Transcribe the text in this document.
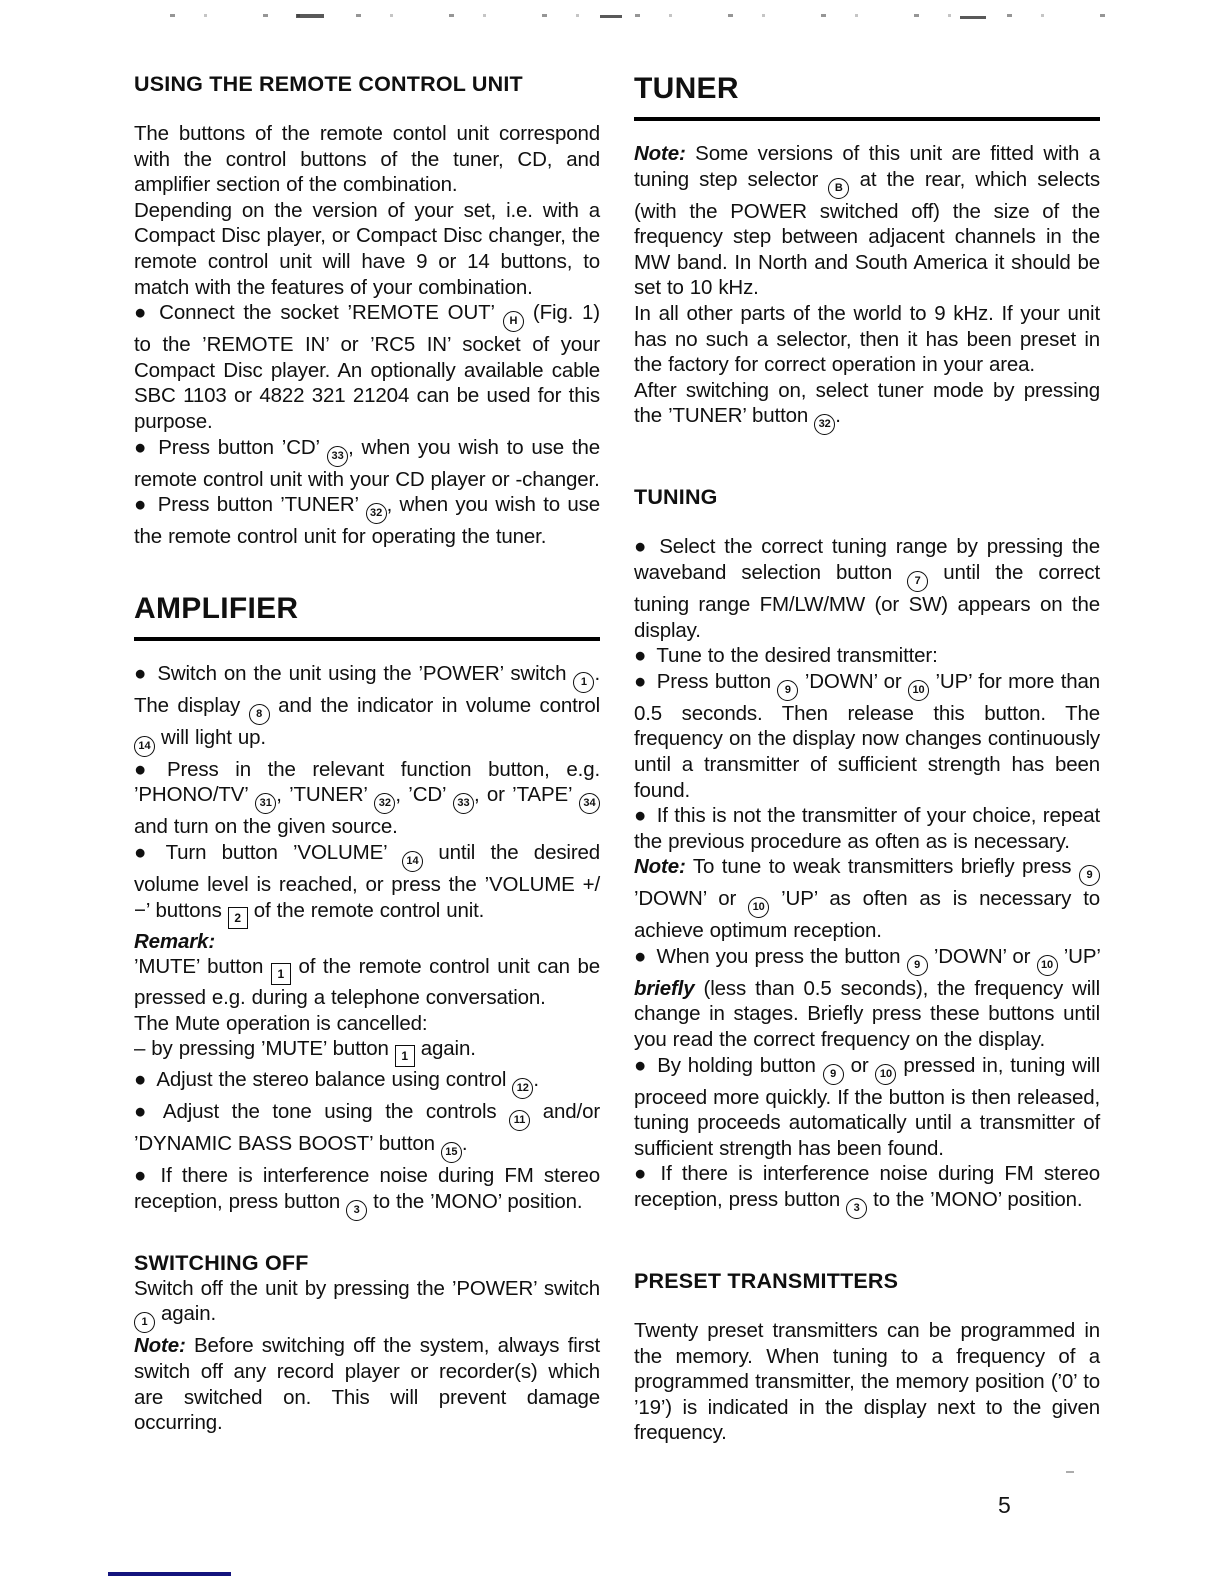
USING THE REMOTE CONTROL UNIT

The buttons of the remote contol unit correspond with the control buttons of the tuner, CD, and amplifier section of the combination.

Depending on the version of your set, i.e. with a Compact Disc player, or Compact Disc changer, the remote control unit will have 9 or 14 buttons, to match with the features of your combination.

● Connect the socket ’REMOTE OUT’ H (Fig. 1) to the ’REMOTE IN’ or ’RC5 IN’ socket of your Compact Disc player. An optionally available cable SBC 1103 or 4822 321 21204 can be used for this purpose.

● Press button ’CD’ 33 , when you wish to use the remote control unit with your CD player or -changer.

● Press button ’TUNER’ 32 , when you wish to use the remote control unit for operating the tuner.

AMPLIFIER

● Switch on the unit using the ’POWER’ switch 1 . The display 8 and the indicator in volume control 14 will light up.

● Press in the relevant function button, e.g. ’PHONO/TV’ 31 , ’TUNER’ 32 , ’CD’ 33 , or ’TAPE’ 34 and turn on the given source.

● Turn button ’VOLUME’ 14 until the desired volume level is reached, or press the ’VOLUME +/−’ buttons 2 of the remote control unit.

Remark:

’MUTE’ button 1 of the remote control unit can be pressed e.g. during a telephone conversation.

The Mute operation is cancelled:

– by pressing ’MUTE’ button 1 again.

● Adjust the stereo balance using control 12 .

● Adjust the tone using the controls 11 and/or ’DYNAMIC BASS BOOST’ button 15 .

● If there is interference noise during FM stereo reception, press button 3 to the ’MONO’ position.

SWITCHING OFF

Switch off the unit by pressing the ’POWER’ switch 1 again.

Note: Before switching off the system, always first switch off any record player or recorder(s) which are switched on. This will prevent damage occurring.

TUNER

Note: Some versions of this unit are fitted with a tuning step selector B at the rear, which selects (with the POWER switched off) the size of the frequency step between adjacent channels in the MW band. In North and South America it should be set to 10 kHz.

In all other parts of the world to 9 kHz. If your unit has no such a selector, then it has been preset in the factory for correct operation in your area.

After switching on, select tuner mode by pressing the ’TUNER’ button 32 .

TUNING

● Select the correct tuning range by pressing the waveband selection button 7 until the correct tuning range FM/LW/MW (or SW) appears on the display.

● Tune to the desired transmitter:

● Press button 9 ’DOWN’ or 10 ’UP’ for more than 0.5 seconds. Then release this button. The frequency on the display now changes continuously until a transmitter of sufficient strength has been found.

● If this is not the transmitter of your choice, repeat the previous procedure as often as is necessary.

Note: To tune to weak transmitters briefly press 9 ’DOWN’ or 10 ’UP’ as often as is necessary to achieve optimum reception.

● When you press the button 9 ’DOWN’ or 10 ’UP’ briefly (less than 0.5 seconds), the frequency will change in stages. Briefly press these buttons until you read the correct frequency on the display.

● By holding button 9 or 10 pressed in, tuning will proceed more quickly. If the button is then released, tuning proceeds automatically until a transmitter of sufficient strength has been found.

● If there is interference noise during FM stereo reception, press button 3 to the ’MONO’ position.

PRESET TRANSMITTERS

Twenty preset transmitters can be programmed in the memory. When tuning to a frequency of a programmed transmitter, the memory position (’0’ to ’19’) is indicated in the display next to the given frequency.

5
